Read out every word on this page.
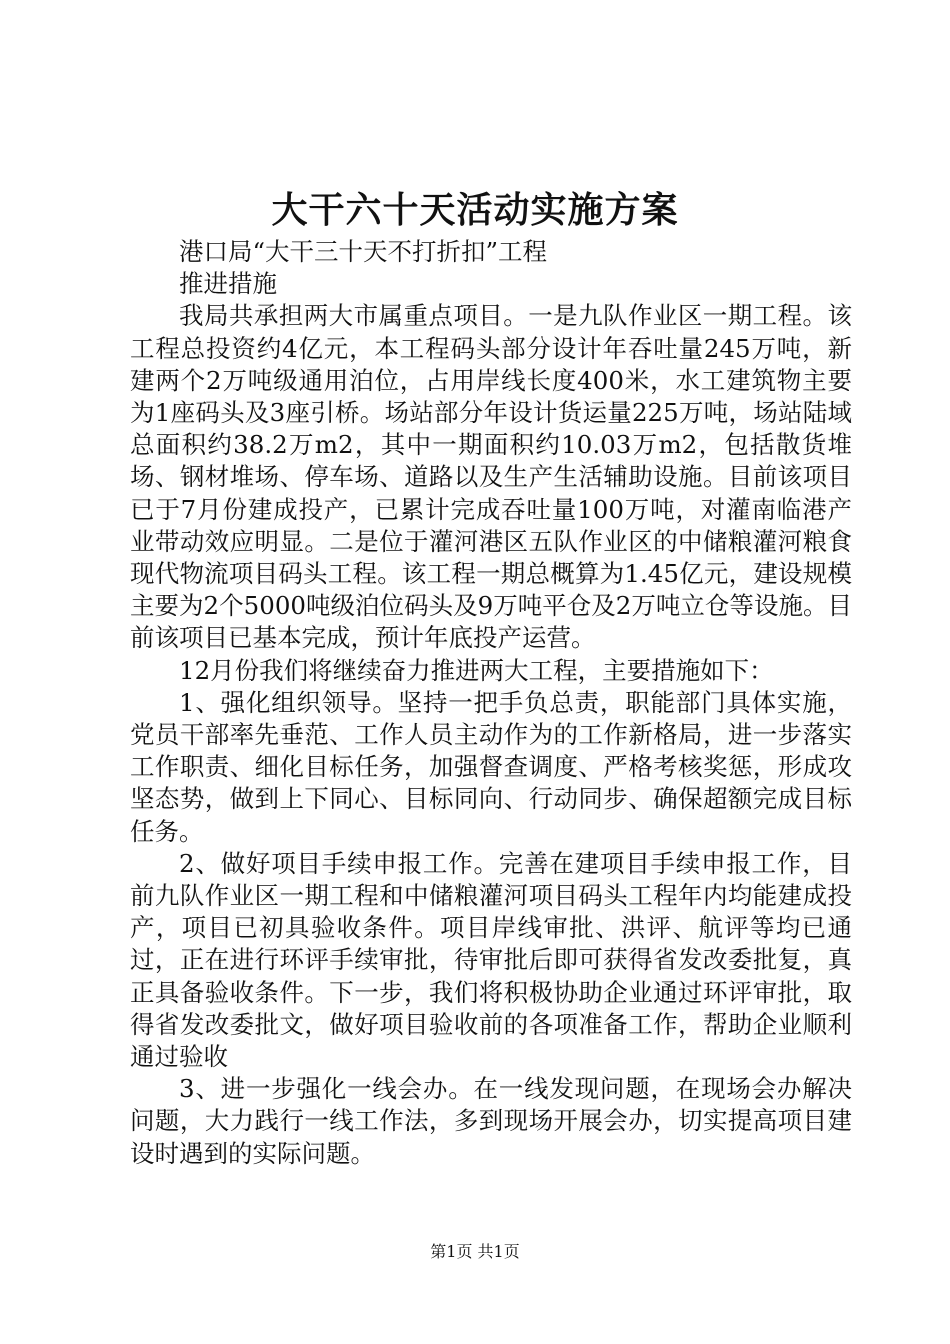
大干六十天活动实施方案

港口局“大干三十天不打折扣”工程

推进措施

我局共承担两大市属重点项目。一是九队作业区一期工程。该工程总投资约4亿元，本工程码头部分设计年吞吐量245万吨，新建两个2万吨级通用泊位，占用岸线长度400米，水工建筑物主要为1座码头及3座引桥。场站部分年设计货运量225万吨，场站陆域总面积约38.2万m2，其中一期面积约10.03万m2，包括散货堆场、钢材堆场、停车场、道路以及生产生活辅助设施。目前该项目已于7月份建成投产，已累计完成吞吐量100万吨，对灌南临港产业带动效应明显。二是位于灌河港区五队作业区的中储粮灌河粮食现代物流项目码头工程。该工程一期总概算为1.45亿元，建设规模主要为2个5000吨级泊位码头及9万吨平仓及2万吨立仓等设施。目前该项目已基本完成，预计年底投产运营。

12月份我们将继续奋力推进两大工程，主要措施如下：

1、强化组织领导。坚持一把手负总责，职能部门具体实施，党员干部率先垂范、工作人员主动作为的工作新格局，进一步落实工作职责、细化目标任务，加强督查调度、严格考核奖惩，形成攻坚态势，做到上下同心、目标同向、行动同步、确保超额完成目标任务。

2、做好项目手续申报工作。完善在建项目手续申报工作，目前九队作业区一期工程和中储粮灌河项目码头工程年内均能建成投产，项目已初具验收条件。项目岸线审批、洪评、航评等均已通过，正在进行环评手续审批，待审批后即可获得省发改委批复，真正具备验收条件。下一步，我们将积极协助企业通过环评审批，取得省发改委批文，做好项目验收前的各项准备工作，帮助企业顺利通过验收

3、进一步强化一线会办。在一线发现问题，在现场会办解决问题，大力践行一线工作法，多到现场开展会办，切实提高项目建设时遇到的实际问题。

第1页 共1页
